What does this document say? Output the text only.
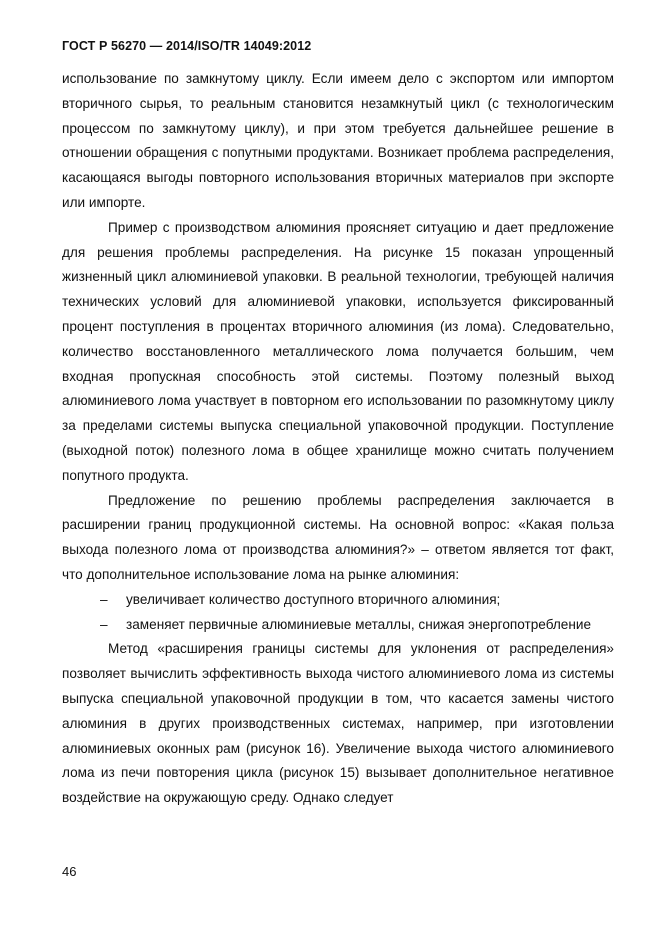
ГОСТ Р 56270 — 2014/ISO/TR 14049:2012

использование по замкнутому циклу. Если имеем дело с экспортом или импортом вторичного сырья, то реальным становится незамкнутый цикл (с технологическим процессом по замкнутому циклу), и при этом требуется дальнейшее решение в отношении обращения с попутными продуктами. Возникает проблема распределения, касающаяся выгоды повторного использования вторичных материалов при экспорте или импорте.

Пример с производством алюминия проясняет ситуацию и дает предложение для решения проблемы распределения. На рисунке 15 показан упрощенный жизненный цикл алюминиевой упаковки. В реальной технологии, требующей наличия технических условий для алюминиевой упаковки, используется фиксированный процент поступления в процентах вторичного алюминия (из лома). Следовательно, количество восстановленного металлического лома получается большим, чем входная пропускная способность этой системы. Поэтому полезный выход алюминиевого лома участвует в повторном его использовании по разомкнутому циклу за пределами системы выпуска специальной упаковочной продукции. Поступление (выходной поток) полезного лома в общее хранилище можно считать получением попутного продукта.

Предложение по решению проблемы распределения заключается в расширении границ продукционной системы. На основной вопрос: «Какая польза выхода полезного лома от производства алюминия?» – ответом является тот факт, что дополнительное использование лома на рынке алюминия:

– увеличивает количество доступного вторичного алюминия;

– заменяет первичные алюминиевые металлы, снижая энергопотребление

Метод «расширения границы системы для уклонения от распределения» позволяет вычислить эффективность выхода чистого алюминиевого лома из системы выпуска специальной упаковочной продукции в том, что касается замены чистого алюминия в других производственных системах, например, при изготовлении алюминиевых оконных рам (рисунок 16). Увеличение выхода чистого алюминиевого лома из печи повторения цикла (рисунок 15) вызывает дополнительное негативное воздействие на окружающую среду. Однако следует

46
